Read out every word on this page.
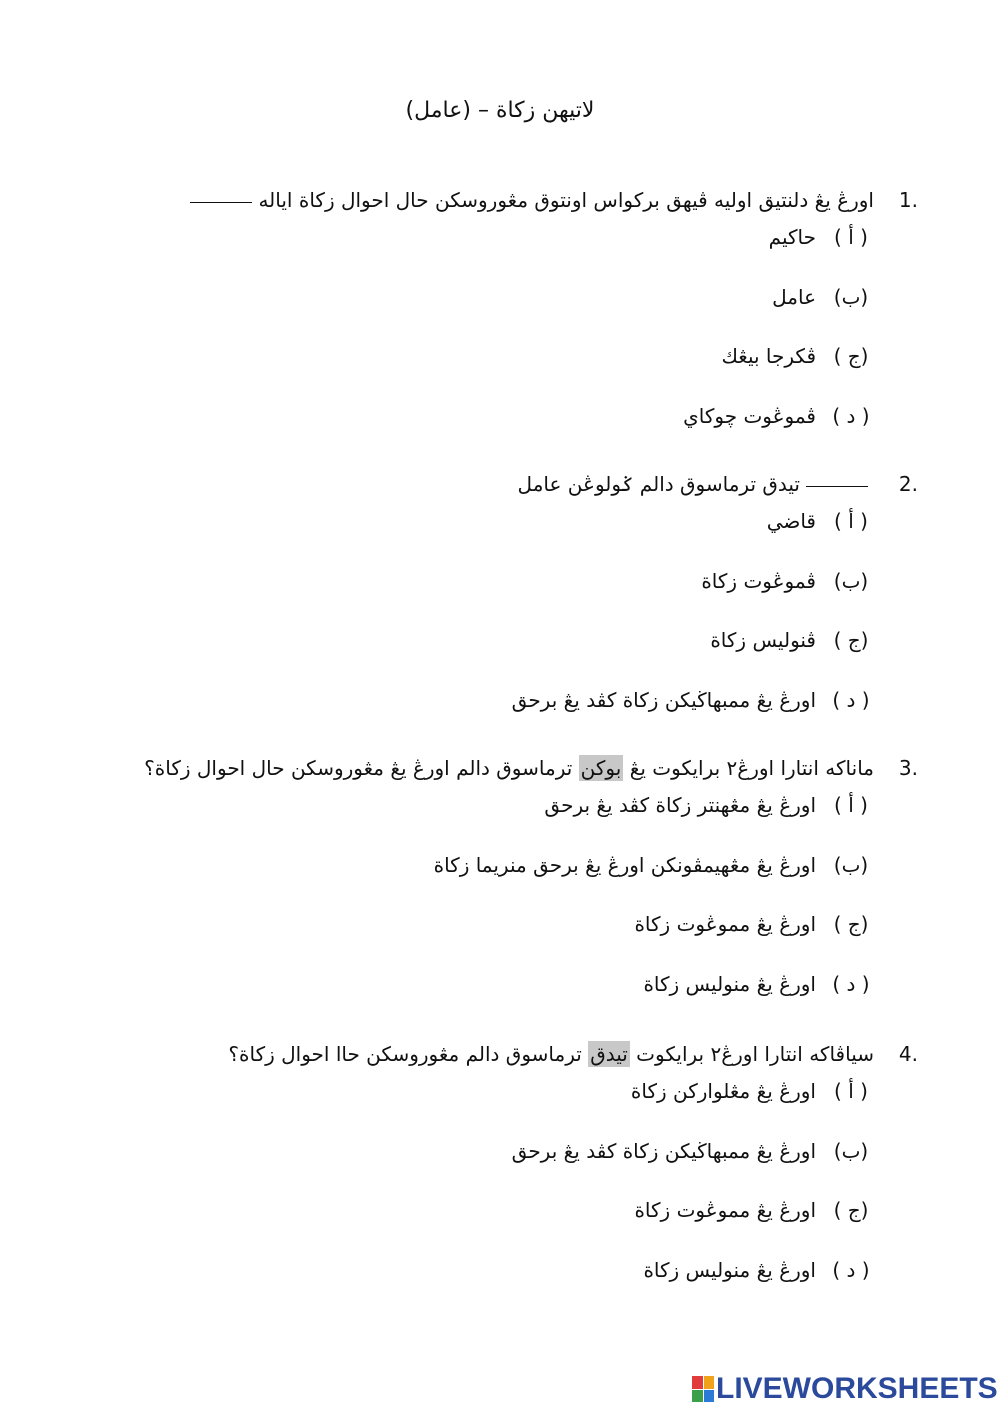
لاتيهن زكاة – (عامل)
1.
اورڠ يڠ دلنتيق اوليه ڤيهق بركواس اونتوق مڠوروسكن حال احوال زكاة اياله
( أ )
حاكيم
(ب)
عامل
(ج )
ڤكرجا بيڠك
( د )
ڤموڠوت چوكاي
2.
تيدق ترماسوق دالم ݢولوڠن عامل
( أ )
قاضي
(ب)
ڤموڠوت زكاة
(ج )
ڤنوليس زكاة
( د )
اورڠ يڠ ممبهاڬيكن زكاة كڤد يڠ برحق
3.
ماناكه انتارا اورڠ٢ برايكوت يڠ بوكن ترماسوق دالم اورڠ يڠ مڠوروسكن حال احوال زكاة؟
( أ )
اورڠ يڠ مڠهنتر زكاة كڤد يڠ برحق
(ب)
اورڠ يڠ مڠهيمڤونكن اورڠ يڠ برحق منريما زكاة
(ج )
اورڠ يڠ مموڠوت زكاة
( د )
اورڠ يڠ منوليس زكاة
4.
سياڤاكه انتارا اورڠ٢ برايكوت تيدق ترماسوق دالم مڠوروسكن حاا احوال زكاة؟
( أ )
اورڠ يڠ مڠلواركن زكاة
(ب)
اورڠ يڠ ممبهاڬيكن زكاة كڤد يڠ برحق
(ج )
اورڠ يڠ مموڠوت زكاة
( د )
اورڠ يڠ منوليس زكاة
LIVEWORKSHEETS
